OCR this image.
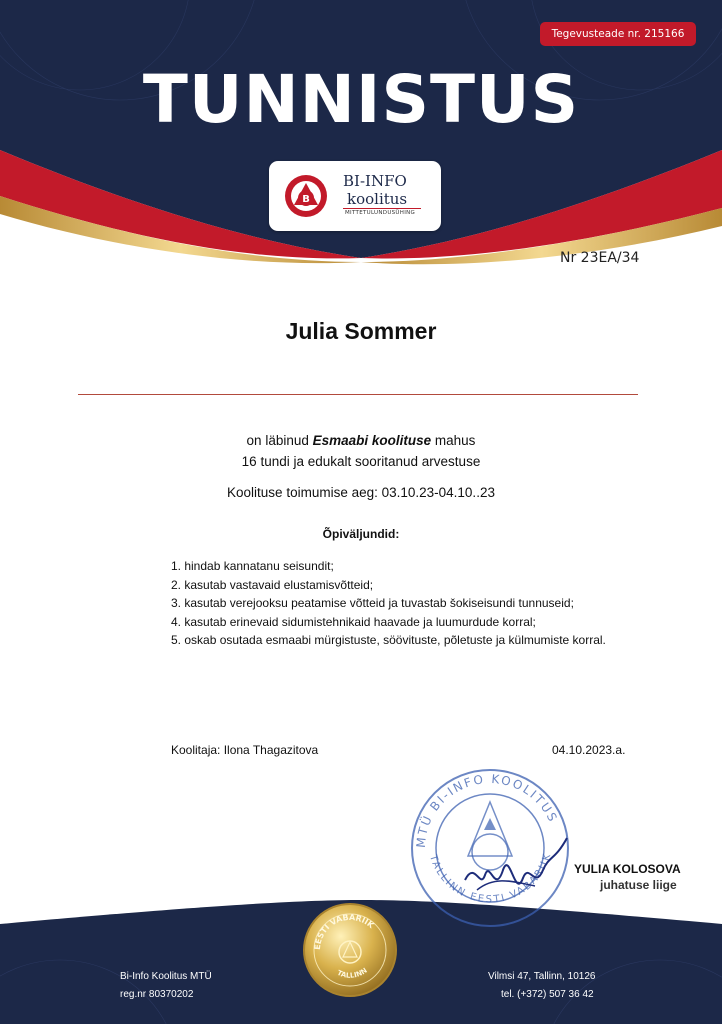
Tegevusteade nr. 215166
TUNNISTUS
B
BI-INFO
koolitus
MITTETULUNDUSÜHING
Nr 23EA/34
Julia Sommer
on läbinud Esmaabi koolituse mahus
16 tundi ja edukalt sooritanud arvestuse
Koolituse toimumise aeg: 03.10.23-04.10..23
Õpiväljundid:
1. hindab kannatanu seisundit;
2. kasutab vastavaid elustamisvõtteid;
3. kasutab verejooksu peatamise võtteid ja tuvastab šokiseisundi tunnuseid;
4. kasutab erinevaid sidumistehnikaid haavade ja luumurdude korral;
5. oskab osutada esmaabi mürgistuste, söövituste, põletuste ja külmumiste korral.
Koolitaja: Ilona Thagazitova	04.10.2023.a.
MTÜ BI-INFO KOOLITUS
TALLINN EESTI VABARIIK
YULIA KOLOSOVA
juhatuse liige
EESTI VABARIIK
TALLINN
Bi-Info Koolitus MTÜ
reg.nr 80370202
Vilmsi 47, Tallinn, 10126
tel. (+372) 507 36 42
